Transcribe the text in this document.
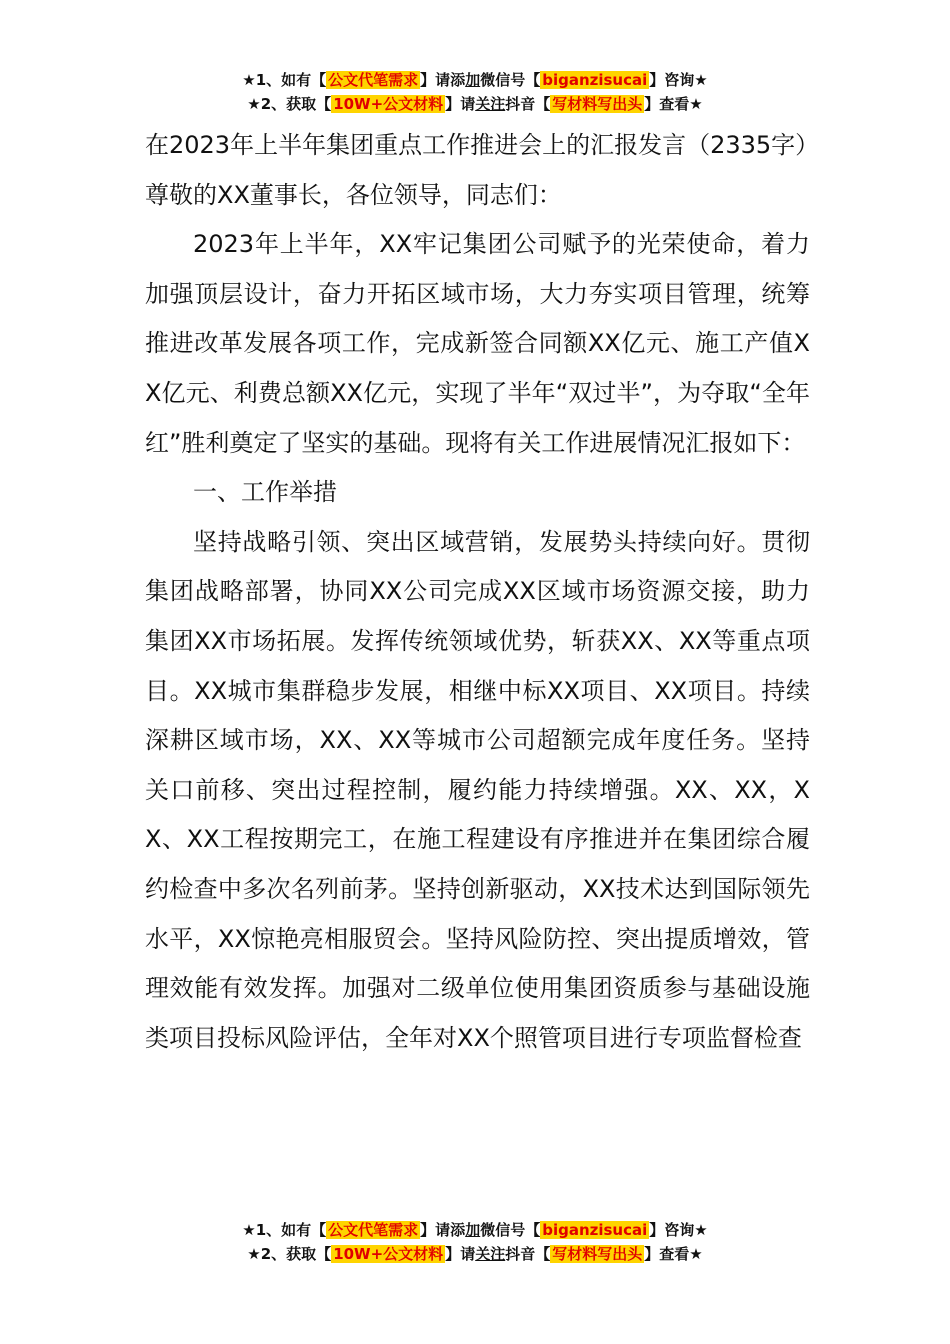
★1、如有【 公文代笔需求 】请添加微信号【 biganzisucai 】咨询★
★2、获取【 10W+公文材料 】请关注抖音【 写材料写出头 】查看★

在2023年上半年集团重点工作推进会上的汇报发言（2335字）

尊敬的XX董事长，各位领导，同志们：

2023年上半年，XX牢记集团公司赋予的光荣使命，着力加强顶层设计，奋力开拓区域市场，大力夯实项目管理，统筹推进改革发展各项工作，完成新签合同额XX亿元、施工产值XX亿元、利费总额XX亿元，实现了半年“双过半”，为夺取“全年红”胜利奠定了坚实的基础。现将有关工作进展情况汇报如下：

一、工作举措

坚持战略引领、突出区域营销，发展势头持续向好。贯彻集团战略部署，协同XX公司完成XX区域市场资源交接，助力集团XX市场拓展。发挥传统领域优势，斩获XX、XX等重点项目。XX城市集群稳步发展，相继中标XX项目、XX项目。持续深耕区域市场，XX、XX等城市公司超额完成年度任务。坚持关口前移、突出过程控制，履约能力持续增强。XX、XX，XX、XX工程按期完工，在施工程建设有序推进并在集团综合履约检查中多次名列前茅。坚持创新驱动，XX技术达到国际领先水平，XX惊艳亮相服贸会。坚持风险防控、突出提质增效，管理效能有效发挥。加强对二级单位使用集团资质参与基础设施类项目投标风险评估，全年对XX个照管项目进行专项监督检查

★1、如有【 公文代笔需求 】请添加微信号【 biganzisucai 】咨询★
★2、获取【 10W+公文材料 】请关注抖音【 写材料写出头 】查看★
